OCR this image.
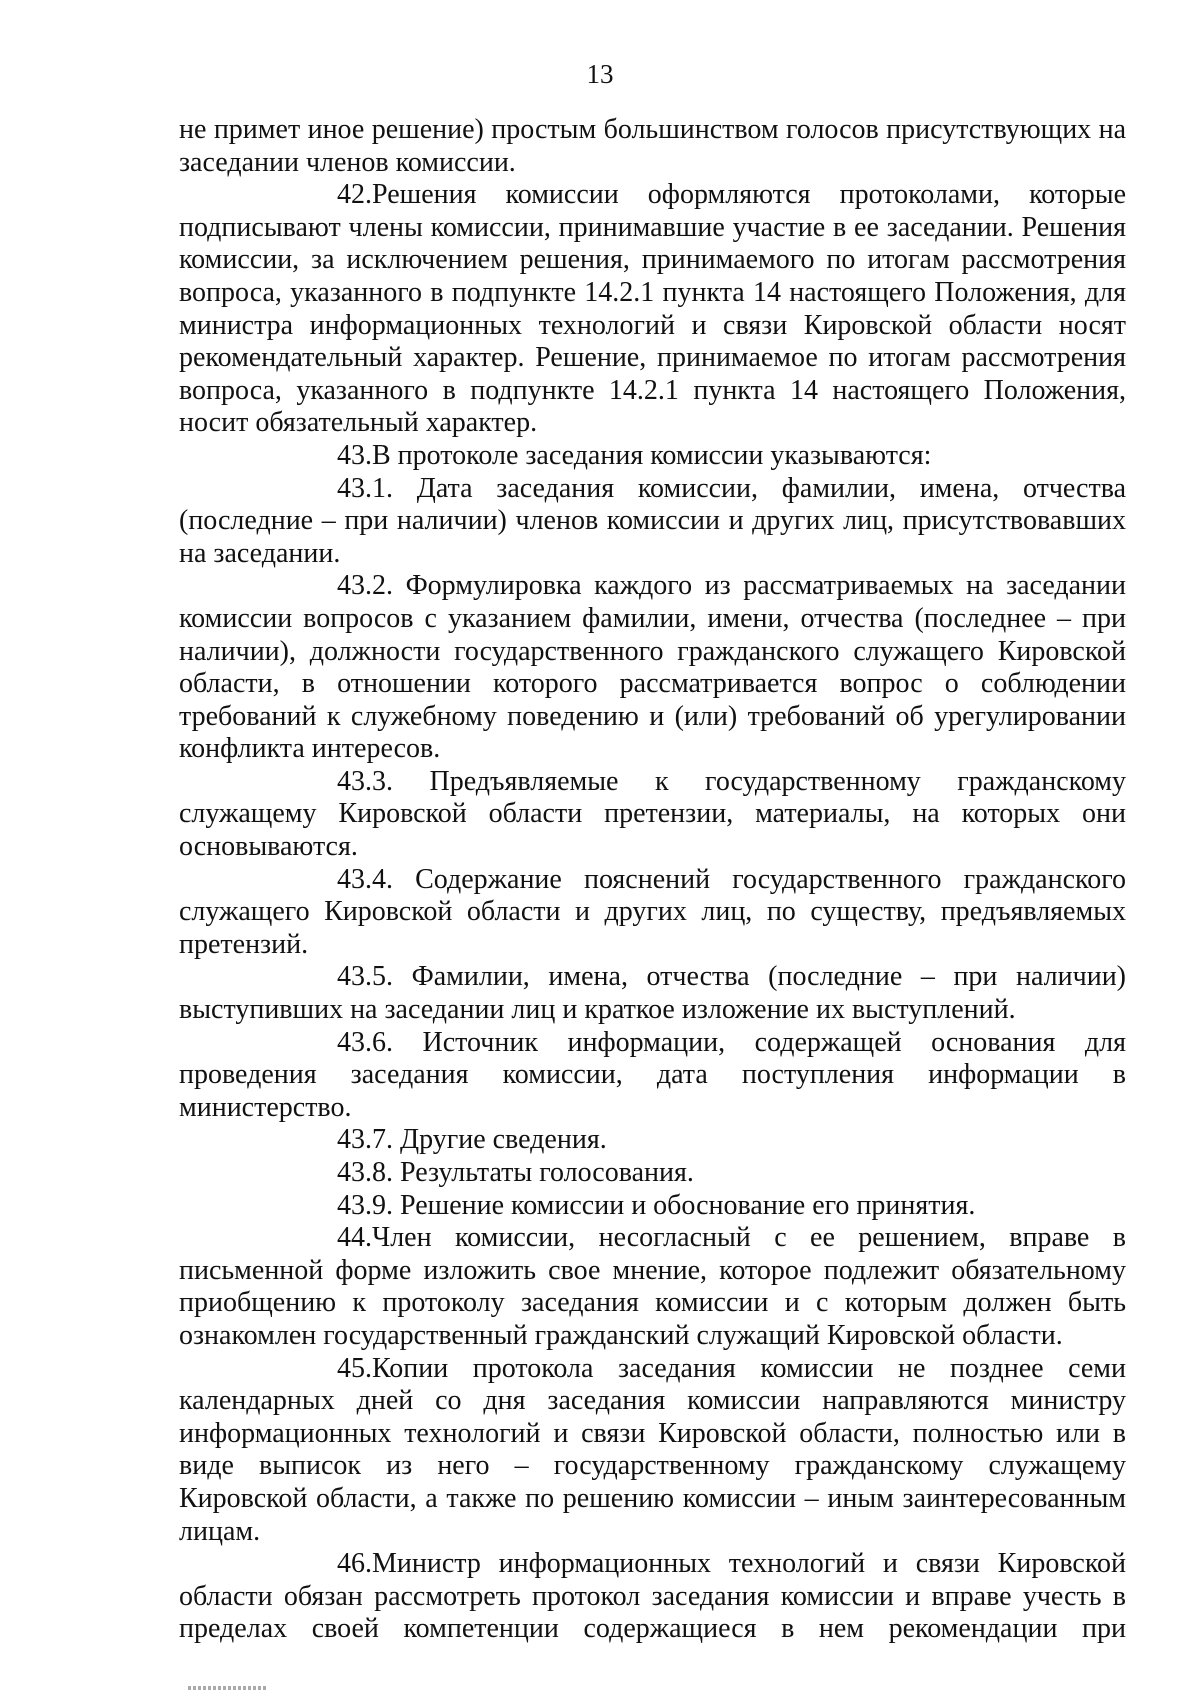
13

не примет иное решение) простым большинством голосов присутствующих на заседании членов комиссии.

42.Решения комиссии оформляются протоколами, которые подписывают члены комиссии, принимавшие участие в ее заседании. Решения комиссии, за исключением решения, принимаемого по итогам рассмотрения вопроса, указанного в подпункте 14.2.1 пункта 14 настоящего Положения, для министра информационных технологий и связи Кировской области носят рекомендательный характер. Решение, принимаемое по итогам рассмотрения вопроса, указанного в подпункте 14.2.1 пункта 14 настоящего Положения, носит обязательный характер.

43.В протоколе заседания комиссии указываются:

43.1. Дата заседания комиссии, фамилии, имена, отчества (последние – при наличии) членов комиссии и других лиц, присутствовавших на заседании.

43.2. Формулировка каждого из рассматриваемых на заседании комиссии вопросов с указанием фамилии, имени, отчества (последнее – при наличии), должности государственного гражданского служащего Кировской области, в отношении которого рассматривается вопрос о соблюдении требований к служебному поведению и (или) требований об урегулировании конфликта интересов.

43.3. Предъявляемые к государственному гражданскому служащему Кировской области претензии, материалы, на которых они основываются.

43.4. Содержание пояснений государственного гражданского служащего Кировской области и других лиц, по существу, предъявляемых претензий.

43.5. Фамилии, имена, отчества (последние – при наличии) выступивших на заседании лиц и краткое изложение их выступлений.

43.6. Источник информации, содержащей основания для проведения заседания комиссии, дата поступления информации в министерство.

43.7. Другие сведения.

43.8. Результаты голосования.

43.9. Решение комиссии и обоснование его принятия.

44.Член комиссии, несогласный с ее решением, вправе в письменной форме изложить свое мнение, которое подлежит обязательному приобщению к протоколу заседания комиссии и с которым должен быть ознакомлен государственный гражданский служащий Кировской области.

45.Копии протокола заседания комиссии не позднее семи календарных дней со дня заседания комиссии направляются министру информационных технологий и связи Кировской области, полностью или в виде выписок из него – государственному гражданскому служащему Кировской области, а также по решению комиссии – иным заинтересованным лицам.

46.Министр информационных технологий и связи Кировской области обязан рассмотреть протокол заседания комиссии и вправе учесть в пределах своей компетенции содержащиеся в нем рекомендации при
